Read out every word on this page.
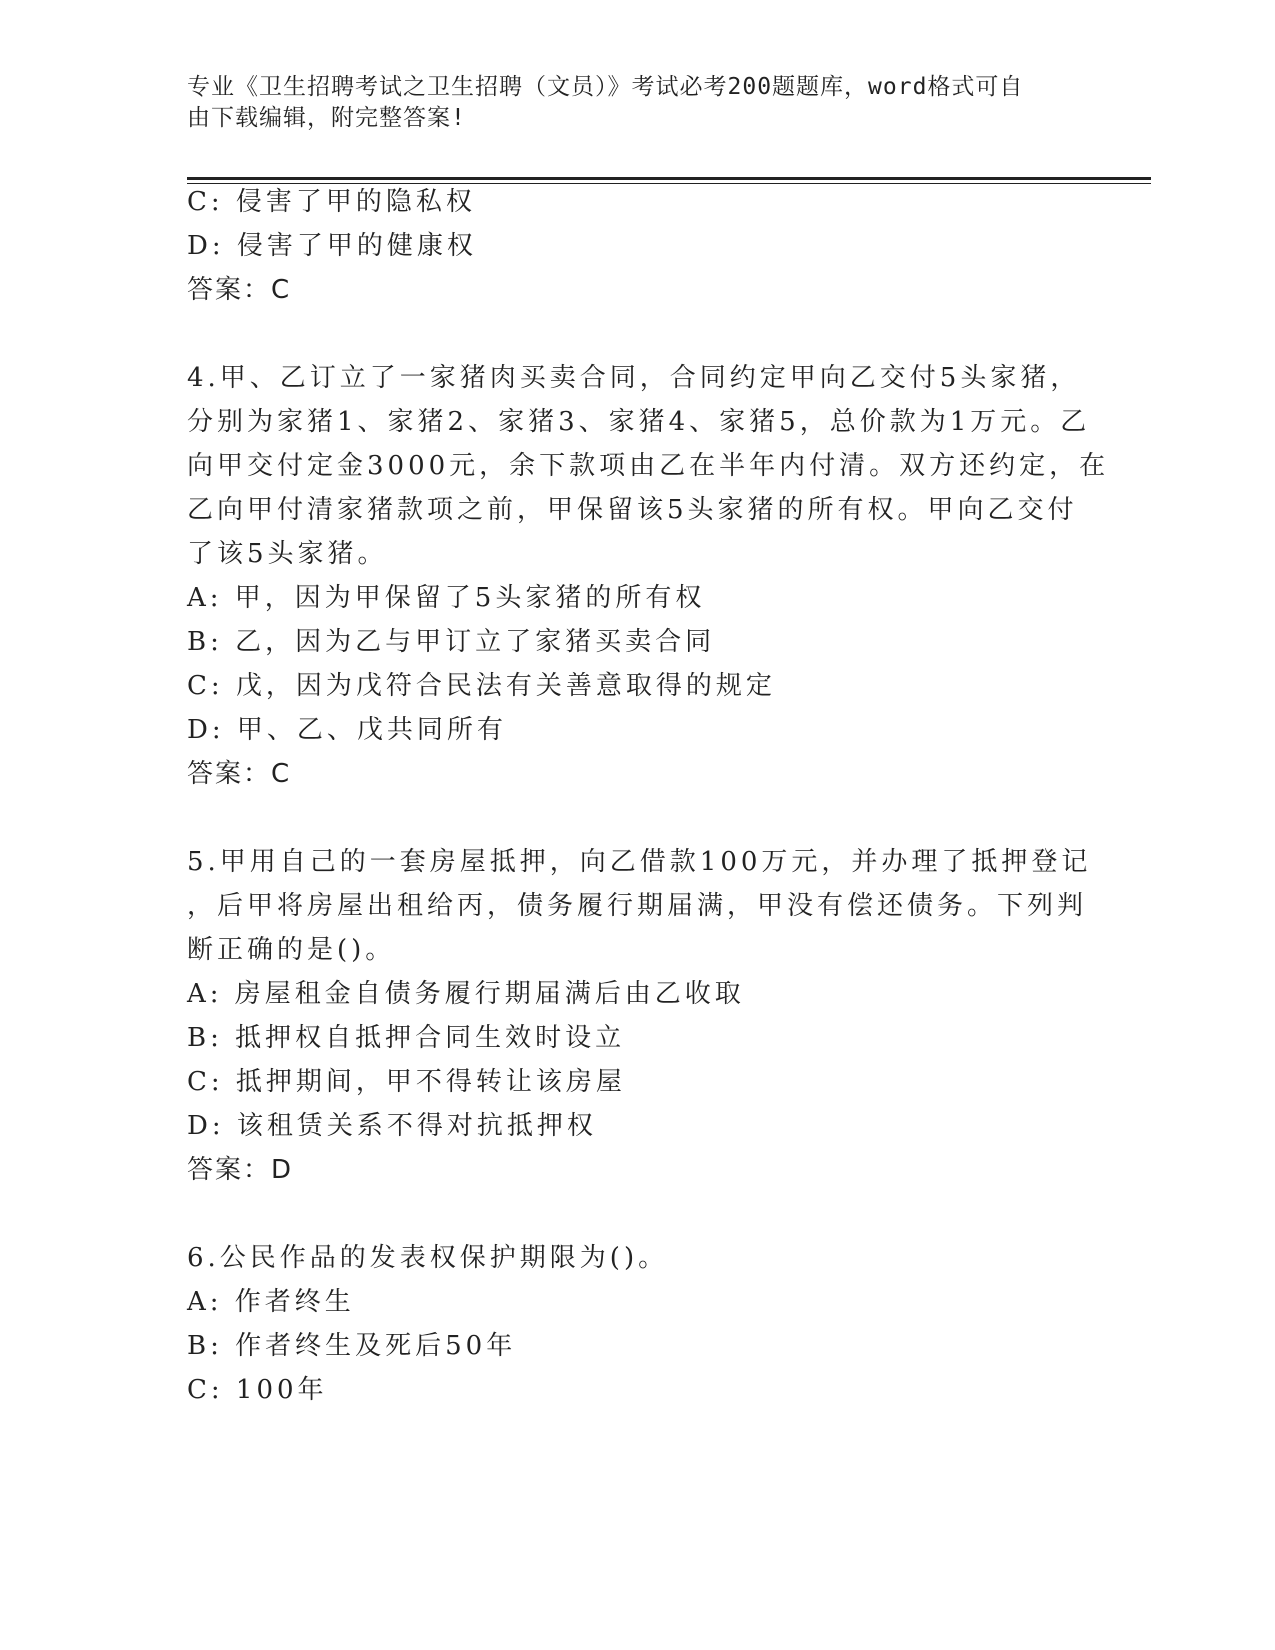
专业《卫生招聘考试之卫生招聘（文员）》考试必考200题题库，word格式可自
由下载编辑，附完整答案!
C: 侵害了甲的隐私权
D: 侵害了甲的健康权
答案：C
4.甲、乙订立了一家猪肉买卖合同，合同约定甲向乙交付5头家猪，
分别为家猪1、家猪2、家猪3、家猪4、家猪5，总价款为1万元。乙
向甲交付定金3000元，余下款项由乙在半年内付清。双方还约定，在
乙向甲付清家猪款项之前，甲保留该5头家猪的所有权。甲向乙交付
了该5头家猪。
A: 甲，因为甲保留了5头家猪的所有权
B: 乙，因为乙与甲订立了家猪买卖合同
C: 戊，因为戊符合民法有关善意取得的规定
D: 甲、乙、戊共同所有
答案：C
5.甲用自己的一套房屋抵押，向乙借款100万元，并办理了抵押登记
，后甲将房屋出租给丙，债务履行期届满，甲没有偿还债务。下列判
断正确的是()。
A: 房屋租金自债务履行期届满后由乙收取
B: 抵押权自抵押合同生效时设立
C: 抵押期间，甲不得转让该房屋
D: 该租赁关系不得对抗抵押权
答案：D
6.公民作品的发表权保护期限为()。
A: 作者终生
B: 作者终生及死后50年
C: 100年
